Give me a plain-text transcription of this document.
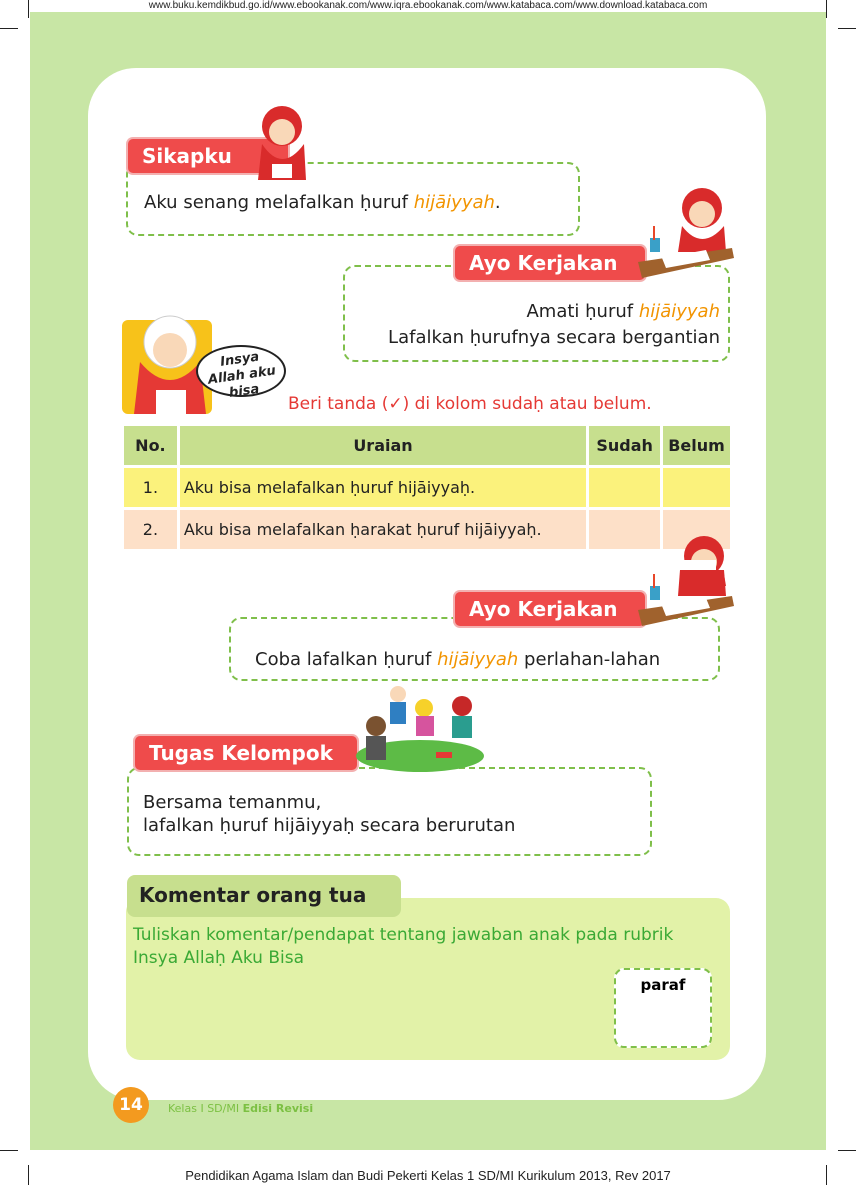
www.buku.kemdikbud.go.id/www.ebookanak.com/www.iqra.ebookanak.com/www.katabaca.com/www.download.katabaca.com
Aku senang melafalkan ḥuruf hijāiyyah.
Sikapku
Amati ḥuruf hijāiyyah
Lafalkan ḥurufnya secara bergantian
Ayo Kerjakan
Insya Allah aku bisa
Beri tanda (✓) di kolom sudaḥ atau belum.
No.	Uraian	Sudah	Belum
1.	Aku bisa melafalkan ḥuruf hijāiyyaḥ.		
2.	Aku bisa melafalkan ḥarakat ḥuruf hijāiyyaḥ.		
Coba lafalkan ḥuruf hijāiyyah perlahan-lahan
Ayo Kerjakan
Bersama temanmu,
lafalkan ḥuruf hijāiyyaḥ secara berurutan
Tugas Kelompok
Komentar orang tua
Tuliskan komentar/pendapat tentang jawaban anak pada rubrik
Insya Allaḥ Aku Bisa
paraf
14	Kelas I SD/MI Edisi Revisi
Pendidikan Agama Islam dan Budi Pekerti Kelas 1 SD/MI Kurikulum 2013, Rev 2017
